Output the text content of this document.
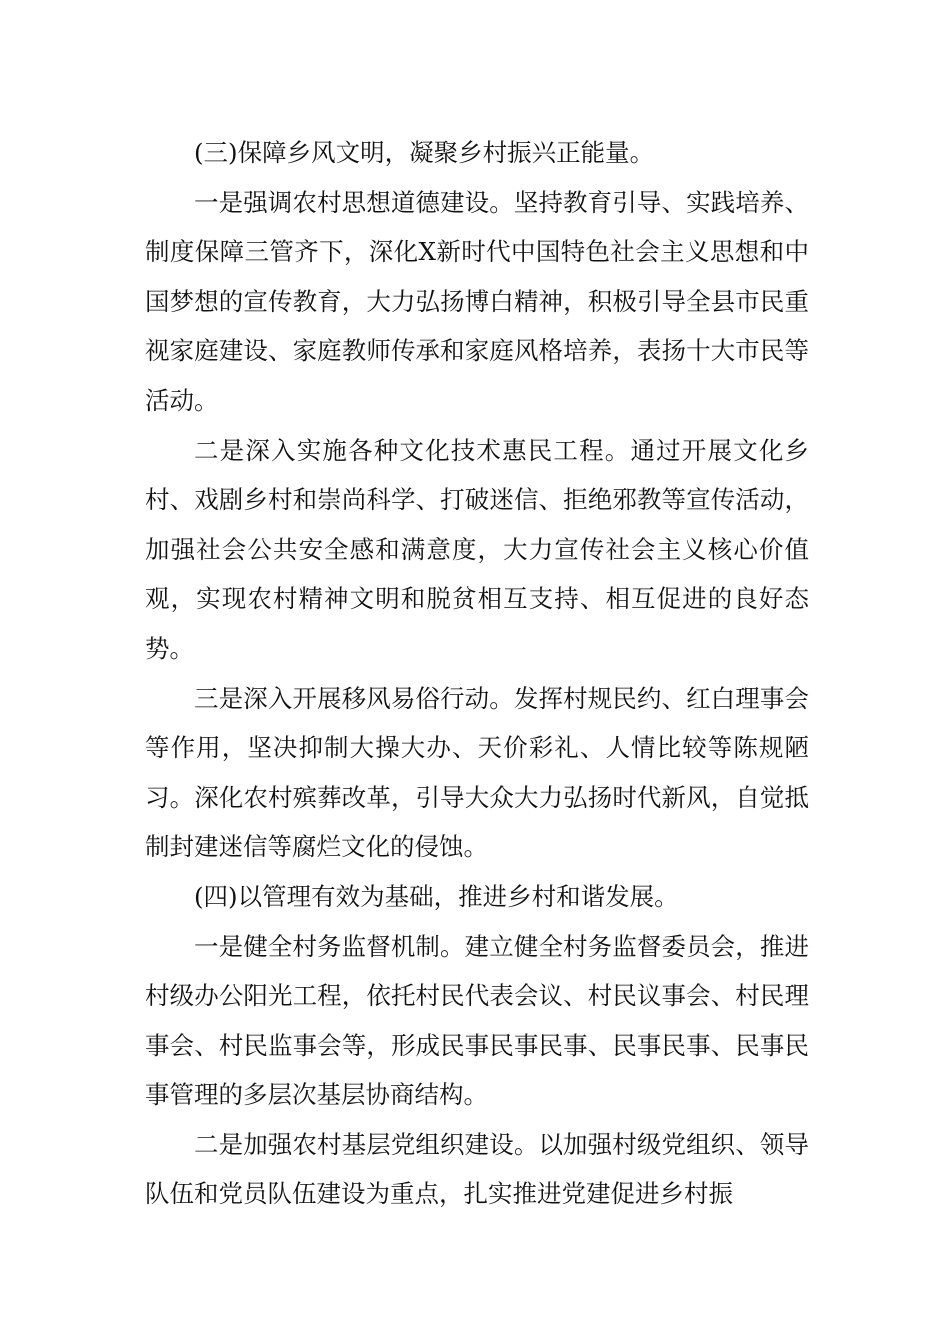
(三)保障乡风文明，凝聚乡村振兴正能量。

一是强调农村思想道德建设。坚持教育引导、实践培养、制度保障三管齐下，深化X新时代中国特色社会主义思想和中国梦想的宣传教育，大力弘扬博白精神，积极引导全县市民重视家庭建设、家庭教师传承和家庭风格培养，表扬十大市民等活动。

二是深入实施各种文化技术惠民工程。通过开展文化乡村、戏剧乡村和崇尚科学、打破迷信、拒绝邪教等宣传活动，加强社会公共安全感和满意度，大力宣传社会主义核心价值观，实现农村精神文明和脱贫相互支持、相互促进的良好态势。

三是深入开展移风易俗行动。发挥村规民约、红白理事会等作用，坚决抑制大操大办、天价彩礼、人情比较等陈规陋习。深化农村殡葬改革，引导大众大力弘扬时代新风，自觉抵制封建迷信等腐烂文化的侵蚀。

(四)以管理有效为基础，推进乡村和谐发展。

一是健全村务监督机制。建立健全村务监督委员会，推进村级办公阳光工程，依托村民代表会议、村民议事会、村民理事会、村民监事会等，形成民事民事民事、民事民事、民事民事管理的多层次基层协商结构。

二是加强农村基层党组织建设。以加强村级党组织、领导队伍和党员队伍建设为重点，扎实推进党建促进乡村振
